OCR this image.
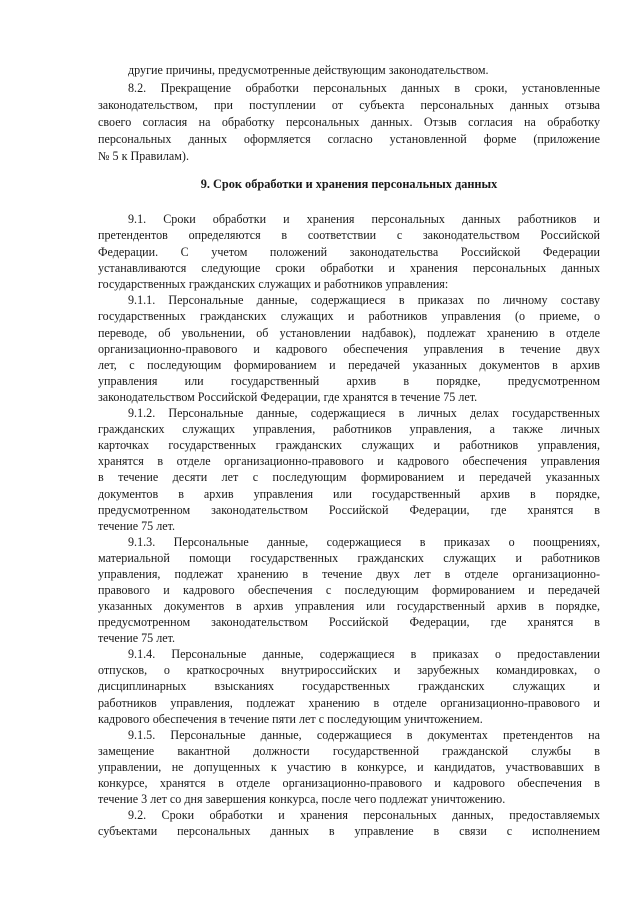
другие причины, предусмотренные действующим законодательством.
8.2. Прекращение обработки персональных данных в сроки, установленные
законодательством, при поступлении от субъекта персональных данных отзыва
своего согласия на обработку персональных данных. Отзыв согласия на обработку
персональных данных оформляется согласно установленной форме (приложение
№ 5 к Правилам).
9. Срок обработки и хранения персональных данных
9.1. Сроки обработки и хранения персональных данных работников и
претендентов определяются в соответствии с законодательством Российской
Федерации. С учетом положений законодательства Российской Федерации
устанавливаются следующие сроки обработки и хранения персональных данных
государственных гражданских служащих и работников управления:
9.1.1. Персональные данные, содержащиеся в приказах по личному составу
государственных гражданских служащих и работников управления (о приеме, о
переводе, об увольнении, об установлении надбавок), подлежат хранению в отделе
организационно-правового и кадрового обеспечения управления в течение двух
лет, с последующим формированием и передачей указанных документов в архив
управления или государственный архив в порядке, предусмотренном
законодательством Российской Федерации, где хранятся в течение 75 лет.
9.1.2. Персональные данные, содержащиеся в личных делах государственных
гражданских служащих управления, работников управления, а также личных
карточках государственных гражданских служащих и работников управления,
хранятся в отделе организационно-правового и кадрового обеспечения управления
в течение десяти лет с последующим формированием и передачей указанных
документов в архив управления или государственный архив в порядке,
предусмотренном законодательством Российской Федерации, где хранятся в
течение 75 лет.
9.1.3. Персональные данные, содержащиеся в приказах о поощрениях,
материальной помощи государственных гражданских служащих и работников
управления, подлежат хранению в течение двух лет в отделе организационно-
правового и кадрового обеспечения с последующим формированием и передачей
указанных документов в архив управления или государственный архив в порядке,
предусмотренном законодательством Российской Федерации, где хранятся в
течение 75 лет.
9.1.4. Персональные данные, содержащиеся в приказах о предоставлении
отпусков, о краткосрочных внутрироссийских и зарубежных командировках, о
дисциплинарных взысканиях государственных гражданских служащих и
работников управления, подлежат хранению в отделе организационно-правового и
кадрового обеспечения в течение пяти лет с последующим уничтожением.
9.1.5. Персональные данные, содержащиеся в документах претендентов на
замещение вакантной должности государственной гражданской службы в
управлении, не допущенных к участию в конкурсе, и кандидатов, участвовавших в
конкурсе, хранятся в отделе организационно-правового и кадрового обеспечения в
течение 3 лет со дня завершения конкурса, после чего подлежат уничтожению.
9.2. Сроки обработки и хранения персональных данных, предоставляемых
субъектами персональных данных в управление в связи с исполнением
